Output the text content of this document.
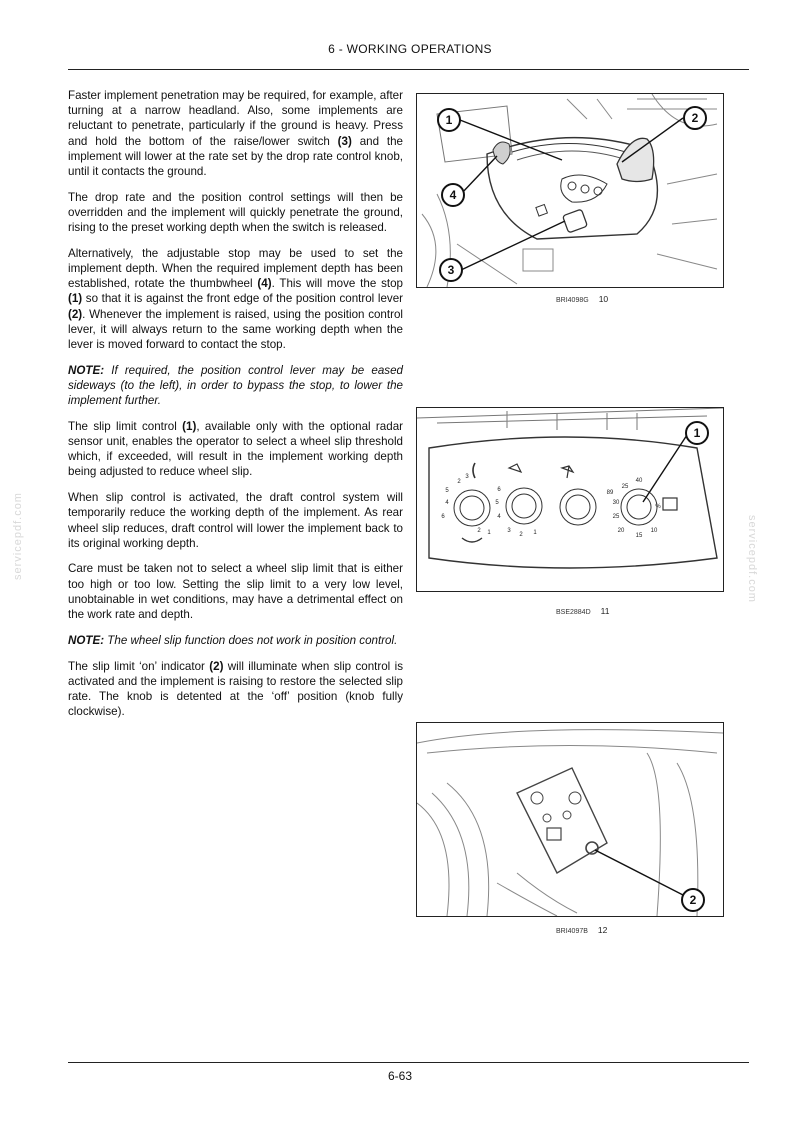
6 - WORKING OPERATIONS
servicepdf.com	servicepdf.com

Faster implement penetration may be required, for example, after turning at a narrow headland. Also, some implements are reluctant to penetrate, particularly if the ground is heavy. Press and hold the bottom of the raise/lower switch (3) and the implement will lower at the rate set by the drop rate control knob, until it contacts the ground.

The drop rate and the position control settings will then be overridden and the implement will quickly penetrate the ground, rising to the preset working depth when the switch is released.

Alternatively, the adjustable stop may be used to set the implement depth. When the required implement depth has been established, rotate the thumbwheel (4). This will move the stop (1) so that it is against the front edge of the position control lever (2). Whenever the implement is raised, using the position control lever, it will always return to the same working depth when the lever is moved forward to contact the stop.

NOTE: If required, the position control lever may be eased sideways (to the left), in order to bypass the stop, to lower the implement further.

The slip limit control (1), available only with the optional radar sensor unit, enables the operator to select a wheel slip threshold which, if exceeded, will result in the implement working depth being adjusted to reduce wheel slip.

When slip control is activated, the draft control system will temporarily reduce the working depth of the implement. As rear wheel slip reduces, draft control will lower the implement back to its original working depth.

Care must be taken not to select a wheel slip limit that is either too high or too low. Setting the slip limit to a very low level, unobtainable in wet conditions, may have a detrimental effect on the work rate and depth.

NOTE: The wheel slip function does not work in position control.

The slip limit ‘on’ indicator (2) will illuminate when slip control is activated and the implement is raising to restore the selected slip rate. The knob is detented at the ‘off’ position (knob fully clockwise).

1	2
4
3
BRI4098G 10
2
3
4
5
6
6
5
4
3
2 1
2 1
25
40
30
20
15
10
25
89
%
1
BSE2884D 11
2
BRI4097B 12
6-63
